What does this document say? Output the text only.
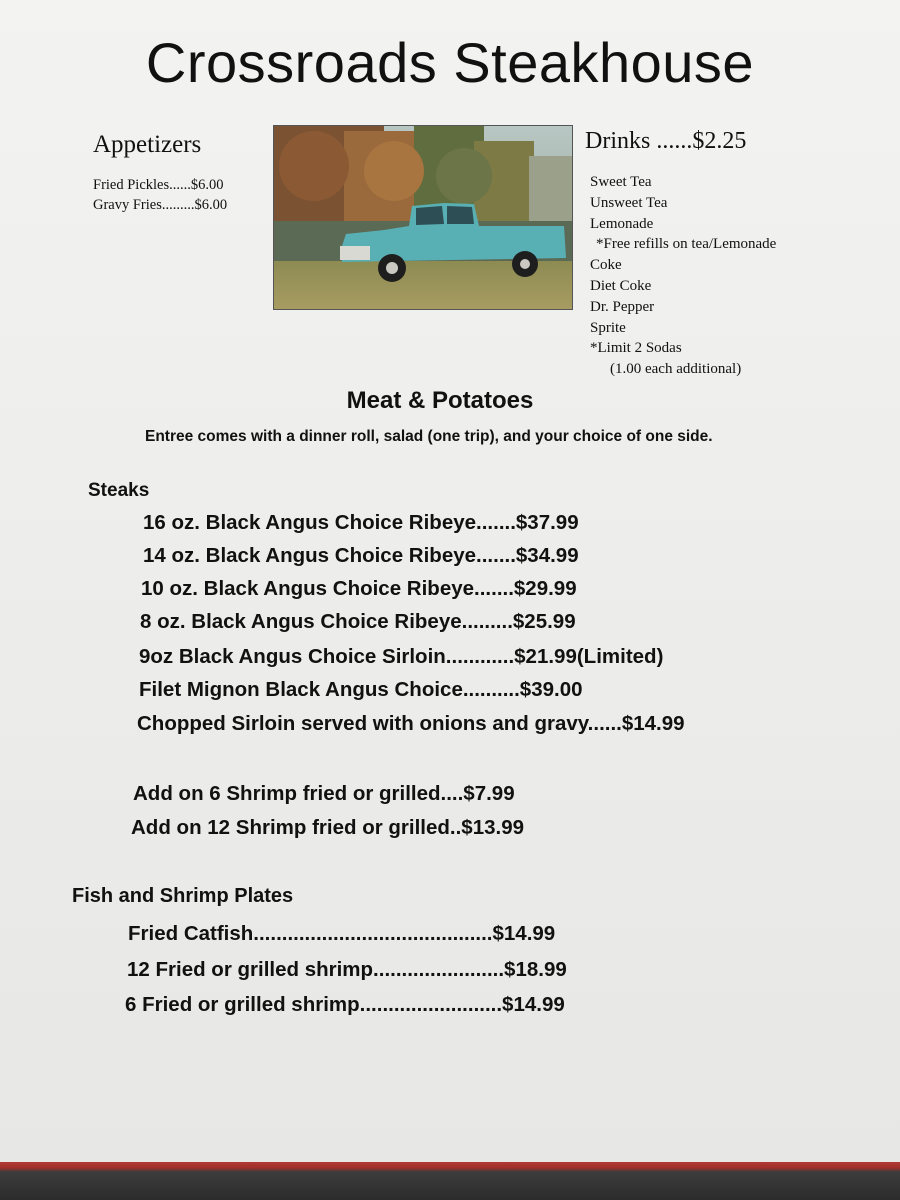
Crossroads Steakhouse
Appetizers
Fried Pickles......$6.00
Gravy Fries.........$6.00
Drinks ......$2.25
Sweet Tea
Unsweet Tea
Lemonade
*Free refills on tea/Lemonade
Coke
Diet Coke
Dr. Pepper
Sprite
*Limit 2 Sodas
(1.00 each additional)
Meat & Potatoes
Entree comes with a dinner roll, salad (one trip), and your choice of one side.
Steaks
16 oz. Black Angus Choice Ribeye.......$37.99
14 oz. Black Angus Choice Ribeye.......$34.99
10 oz. Black Angus Choice Ribeye.......$29.99
8 oz. Black Angus Choice Ribeye.........$25.99
9oz Black Angus Choice Sirloin............$21.99(Limited)
Filet Mignon Black Angus Choice..........$39.00
Chopped Sirloin served with onions and gravy......$14.99
Add on 6 Shrimp fried or grilled....$7.99
Add on 12 Shrimp fried or grilled..$13.99
Fish and Shrimp Plates
Fried Catfish..........................................$14.99
12 Fried or grilled shrimp.......................$18.99
6 Fried or grilled shrimp.........................$14.99
